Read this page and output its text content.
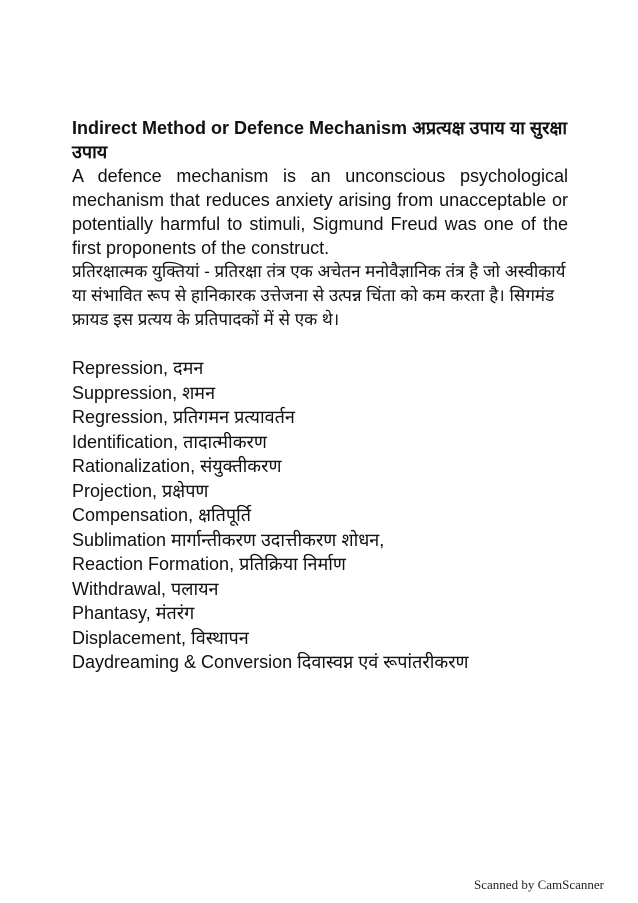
Indirect Method or Defence Mechanism अप्रत्यक्ष उपाय या सुरक्षा उपाय

A defence mechanism is an unconscious psychological mechanism that reduces anxiety arising from unacceptable or potentially harmful to stimuli, Sigmund Freud was one of the first proponents of the construct.

प्रतिरक्षात्मक युक्तियां - प्रतिरक्षा तंत्र एक अचेतन मनोवैज्ञानिक तंत्र है जो अस्वीकार्य या संभावित रूप से हानिकारक उत्तेजना से उत्पन्न चिंता को कम करता है। सिगमंड फ्रायड इस प्रत्यय के प्रतिपादकों में से एक थे।

Repression, दमन
Suppression, शमन
Regression, प्रतिगमन प्रत्यावर्तन
Identification, तादात्मीकरण
Rationalization, संयुक्तीकरण
Projection, प्रक्षेपण
Compensation, क्षतिपूर्ति
Sublimation मार्गान्तीकरण उदात्तीकरण शोधन,
Reaction Formation, प्रतिक्रिया निर्माण
Withdrawal, पलायन
Phantasy, मंतरंग
Displacement, विस्थापन
Daydreaming & Conversion दिवास्वप्न एवं रूपांतरीकरण
Scanned by CamScanner
